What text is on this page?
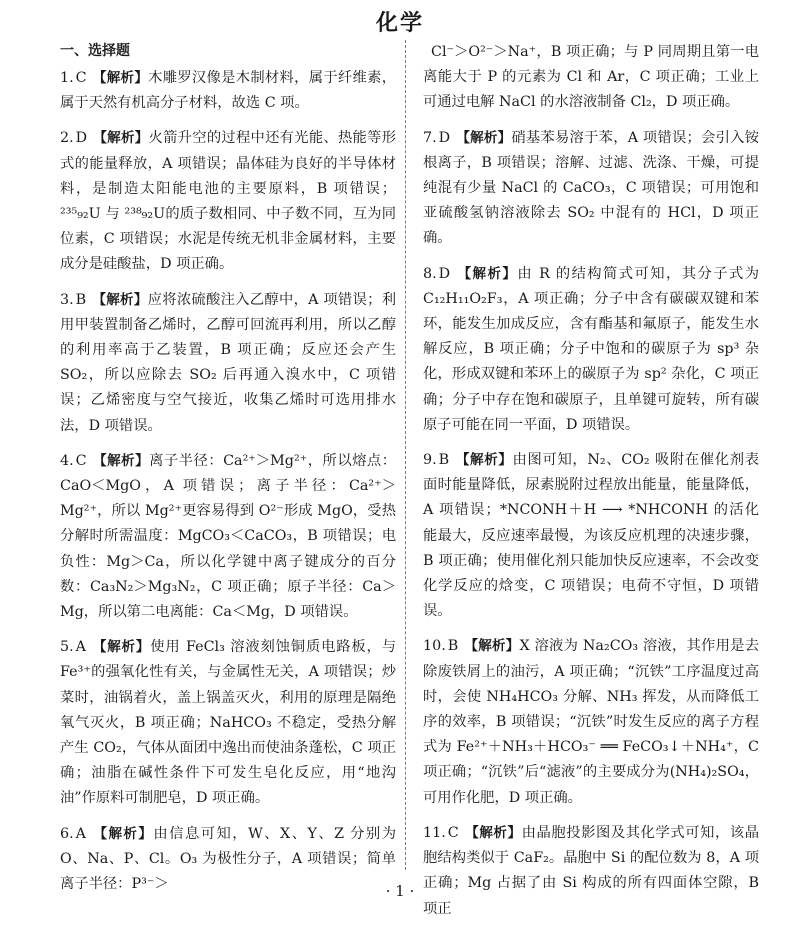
化学
一、选择题

1. C 【解析】木雕罗汉像是木制材料，属于纤维素，属于天然有机高分子材料，故选 C 项。

2. D 【解析】火箭升空的过程中还有光能、热能等形式的能量释放，A 项错误；晶体硅为良好的半导体材料，是制造太阳能电池的主要原料，B 项错误；²³⁵₉₂U 与 ²³⁸₉₂U的质子数相同、中子数不同，互为同位素，C 项错误；水泥是传统无机非金属材料，主要成分是硅酸盐，D 项正确。

3. B 【解析】应将浓硫酸注入乙醇中，A 项错误；利用甲装置制备乙烯时，乙醇可回流再利用，所以乙醇的利用率高于乙装置，B 项正确；反应还会产生 SO₂，所以应除去 SO₂ 后再通入溴水中，C 项错误；乙烯密度与空气接近，收集乙烯时可选用排水法，D 项错误。

4. C 【解析】离子半径：Ca²⁺＞Mg²⁺，所以熔点：CaO＜MgO，A 项错误；离子半径：Ca²⁺＞Mg²⁺，所以 Mg²⁺更容易得到 O²⁻形成 MgO，受热分解时所需温度：MgCO₃＜CaCO₃，B 项错误；电负性：Mg＞Ca，所以化学键中离子键成分的百分数：Ca₃N₂＞Mg₃N₂，C 项正确；原子半径：Ca＞Mg，所以第二电离能：Ca＜Mg，D 项错误。

5. A 【解析】使用 FeCl₃ 溶液刻蚀铜质电路板，与 Fe³⁺的强氧化性有关，与金属性无关，A 项错误；炒菜时，油锅着火，盖上锅盖灭火，利用的原理是隔绝氧气灭火，B 项正确；NaHCO₃ 不稳定，受热分解产生 CO₂，气体从面团中逸出而使油条蓬松，C 项正确；油脂在碱性条件下可发生皂化反应，用“地沟油”作原料可制肥皂，D 项正确。

6. A 【解析】由信息可知，W、X、Y、Z 分别为 O、Na、P、Cl。O₃ 为极性分子，A 项错误；简单离子半径：P³⁻＞

Cl⁻＞O²⁻＞Na⁺，B 项正确；与 P 同周期且第一电离能大于 P 的元素为 Cl 和 Ar，C 项正确；工业上可通过电解 NaCl 的水溶液制备 Cl₂，D 项正确。

7. D 【解析】硝基苯易溶于苯，A 项错误；会引入铵根离子，B 项错误；溶解、过滤、洗涤、干燥，可提纯混有少量 NaCl 的 CaCO₃，C 项错误；可用饱和亚硫酸氢钠溶液除去 SO₂ 中混有的 HCl，D 项正确。

8. D 【解析】由 R 的结构简式可知，其分子式为 C₁₂H₁₁O₂F₃，A 项正确；分子中含有碳碳双键和苯环，能发生加成反应，含有酯基和氟原子，能发生水解反应，B 项正确；分子中饱和的碳原子为 sp³ 杂化，形成双键和苯环上的碳原子为 sp² 杂化，C 项正确；分子中存在饱和碳原子，且单键可旋转，所有碳原子可能在同一平面，D 项错误。

9. B 【解析】由图可知，N₂、CO₂ 吸附在催化剂表面时能量降低，尿素脱附过程放出能量，能量降低，A 项错误；*NCONH＋H ⟶ *NHCONH 的活化能最大，反应速率最慢，为该反应机理的决速步骤，B 项正确；使用催化剂只能加快反应速率，不会改变化学反应的焓变，C 项错误；电荷不守恒，D 项错误。

10. B 【解析】X 溶液为 Na₂CO₃ 溶液，其作用是去除废铁屑上的油污，A 项正确；“沉铁”工序温度过高时，会使 NH₄HCO₃ 分解、NH₃ 挥发，从而降低工序的效率，B 项错误；“沉铁”时发生反应的离子方程式为 Fe²⁺＋NH₃＋HCO₃⁻ ══ FeCO₃↓＋NH₄⁺，C 项正确；“沉铁”后“滤液”的主要成分为(NH₄)₂SO₄，可用作化肥，D 项正确。

11. C 【解析】由晶胞投影图及其化学式可知，该晶胞结构类似于 CaF₂。晶胞中 Si 的配位数为 8，A 项正确；Mg 占据了由 Si 构成的所有四面体空隙，B 项正

· 1 ·
